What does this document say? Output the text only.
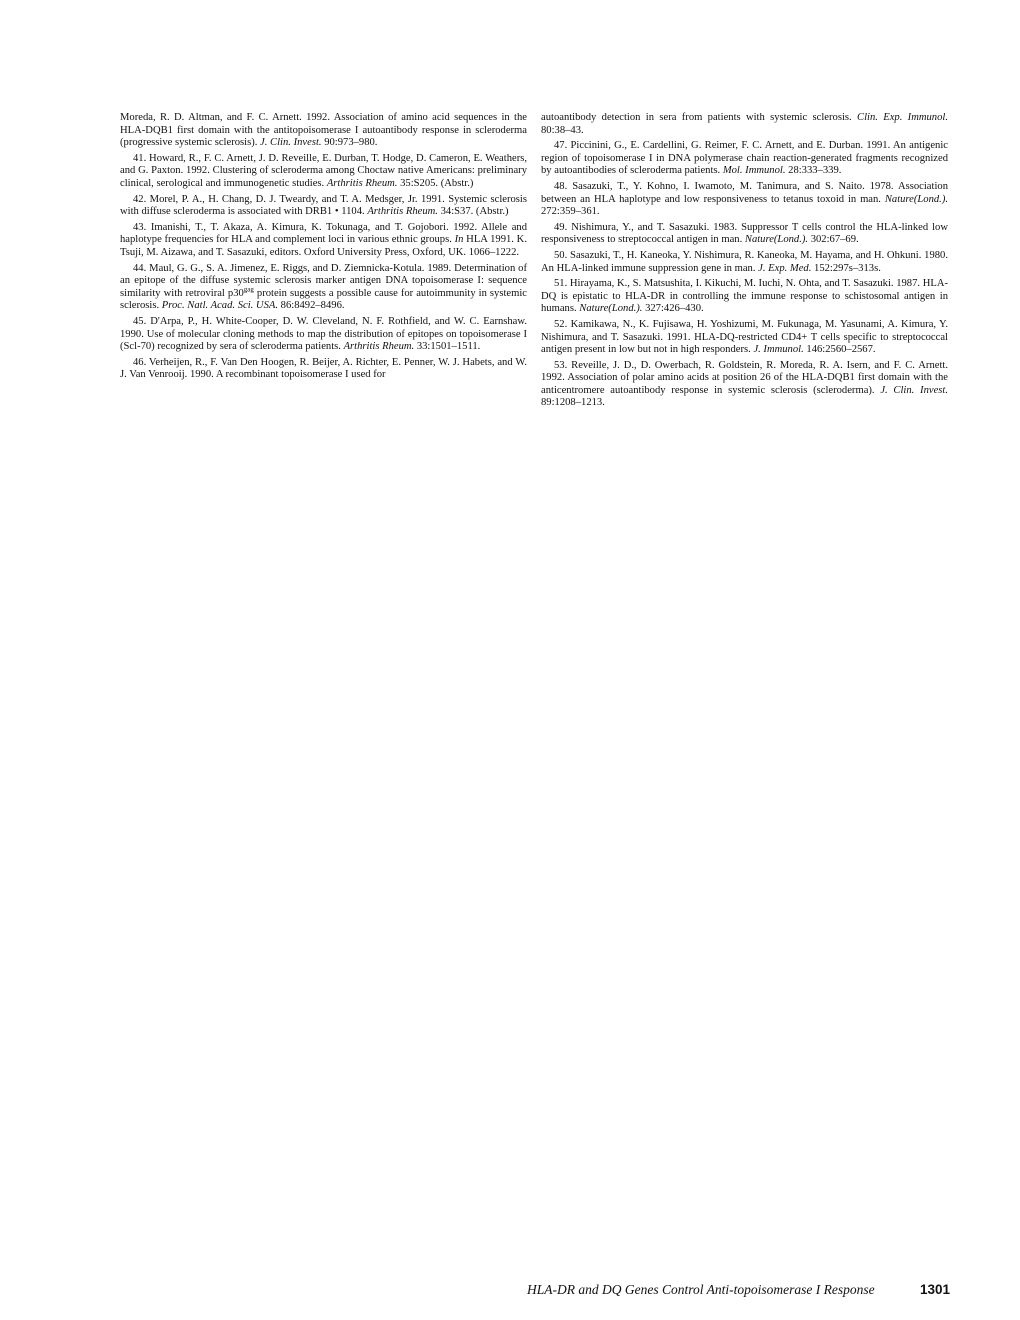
Moreda, R. D. Altman, and F. C. Arnett. 1992. Association of amino acid sequences in the HLA-DQB1 first domain with the antitopoisomerase I autoantibody response in scleroderma (progressive systemic sclerosis). J. Clin. Invest. 90:973–980.

41. Howard, R., F. C. Arnett, J. D. Reveille, E. Durban, T. Hodge, D. Cameron, E. Weathers, and G. Paxton. 1992. Clustering of scleroderma among Choctaw native Americans: preliminary clinical, serological and immunogenetic studies. Arthritis Rheum. 35:S205. (Abstr.)

42. Morel, P. A., H. Chang, D. J. Tweardy, and T. A. Medsger, Jr. 1991. Systemic sclerosis with diffuse scleroderma is associated with DRB1 • 1104. Arthritis Rheum. 34:S37. (Abstr.)

43. Imanishi, T., T. Akaza, A. Kimura, K. Tokunaga, and T. Gojobori. 1992. Allele and haplotype frequencies for HLA and complement loci in various ethnic groups. In HLA 1991. K. Tsuji, M. Aizawa, and T. Sasazuki, editors. Oxford University Press, Oxford, UK. 1066–1222.

44. Maul, G. G., S. A. Jimenez, E. Riggs, and D. Ziemnicka-Kotula. 1989. Determination of an epitope of the diffuse systemic sclerosis marker antigen DNA topoisomerase I: sequence similarity with retroviral $p30^{gag}$ protein suggests a possible cause for autoimmunity in systemic sclerosis. Proc. Natl. Acad. Sci. USA. 86:8492–8496.

45. D'Arpa, P., H. White-Cooper, D. W. Cleveland, N. F. Rothfield, and W. C. Earnshaw. 1990. Use of molecular cloning methods to map the distribution of epitopes on topoisomerase I (Scl-70) recognized by sera of scleroderma patients. Arthritis Rheum. 33:1501–1511.

46. Verheijen, R., F. Van Den Hoogen, R. Beijer, A. Richter, E. Penner, W. J. Habets, and W. J. Van Venrooij. 1990. A recombinant topoisomerase I used for

autoantibody detection in sera from patients with systemic sclerosis. Clin. Exp. Immunol. 80:38–43.

47. Piccinini, G., E. Cardellini, G. Reimer, F. C. Arnett, and E. Durban. 1991. An antigenic region of topoisomerase I in DNA polymerase chain reaction-generated fragments recognized by autoantibodies of scleroderma patients. Mol. Immunol. 28:333–339.

48. Sasazuki, T., Y. Kohno, I. Iwamoto, M. Tanimura, and S. Naito. 1978. Association between an HLA haplotype and low responsiveness to tetanus toxoid in man. Nature(Lond.). 272:359–361.

49. Nishimura, Y., and T. Sasazuki. 1983. Suppressor T cells control the HLA-linked low responsiveness to streptococcal antigen in man. Nature(Lond.). 302:67–69.

50. Sasazuki, T., H. Kaneoka, Y. Nishimura, R. Kaneoka, M. Hayama, and H. Ohkuni. 1980. An HLA-linked immune suppression gene in man. J. Exp. Med. 152:297s–313s.

51. Hirayama, K., S. Matsushita, I. Kikuchi, M. Iuchi, N. Ohta, and T. Sasazuki. 1987. HLA-DQ is epistatic to HLA-DR in controlling the immune response to schistosomal antigen in humans. Nature(Lond.). 327:426–430.

52. Kamikawa, N., K. Fujisawa, H. Yoshizumi, M. Fukunaga, M. Yasunami, A. Kimura, Y. Nishimura, and T. Sasazuki. 1991. HLA-DQ-restricted CD4+ T cells specific to streptococcal antigen present in low but not in high responders. J. Immunol. 146:2560–2567.

53. Reveille, J. D., D. Owerbach, R. Goldstein, R. Moreda, R. A. Isern, and F. C. Arnett. 1992. Association of polar amino acids at position 26 of the HLA-DQB1 first domain with the anticentromere autoantibody response in systemic sclerosis (scleroderma). J. Clin. Invest. 89:1208–1213.

HLA-DR and DQ Genes Control Anti-topoisomerase I Response	1301
